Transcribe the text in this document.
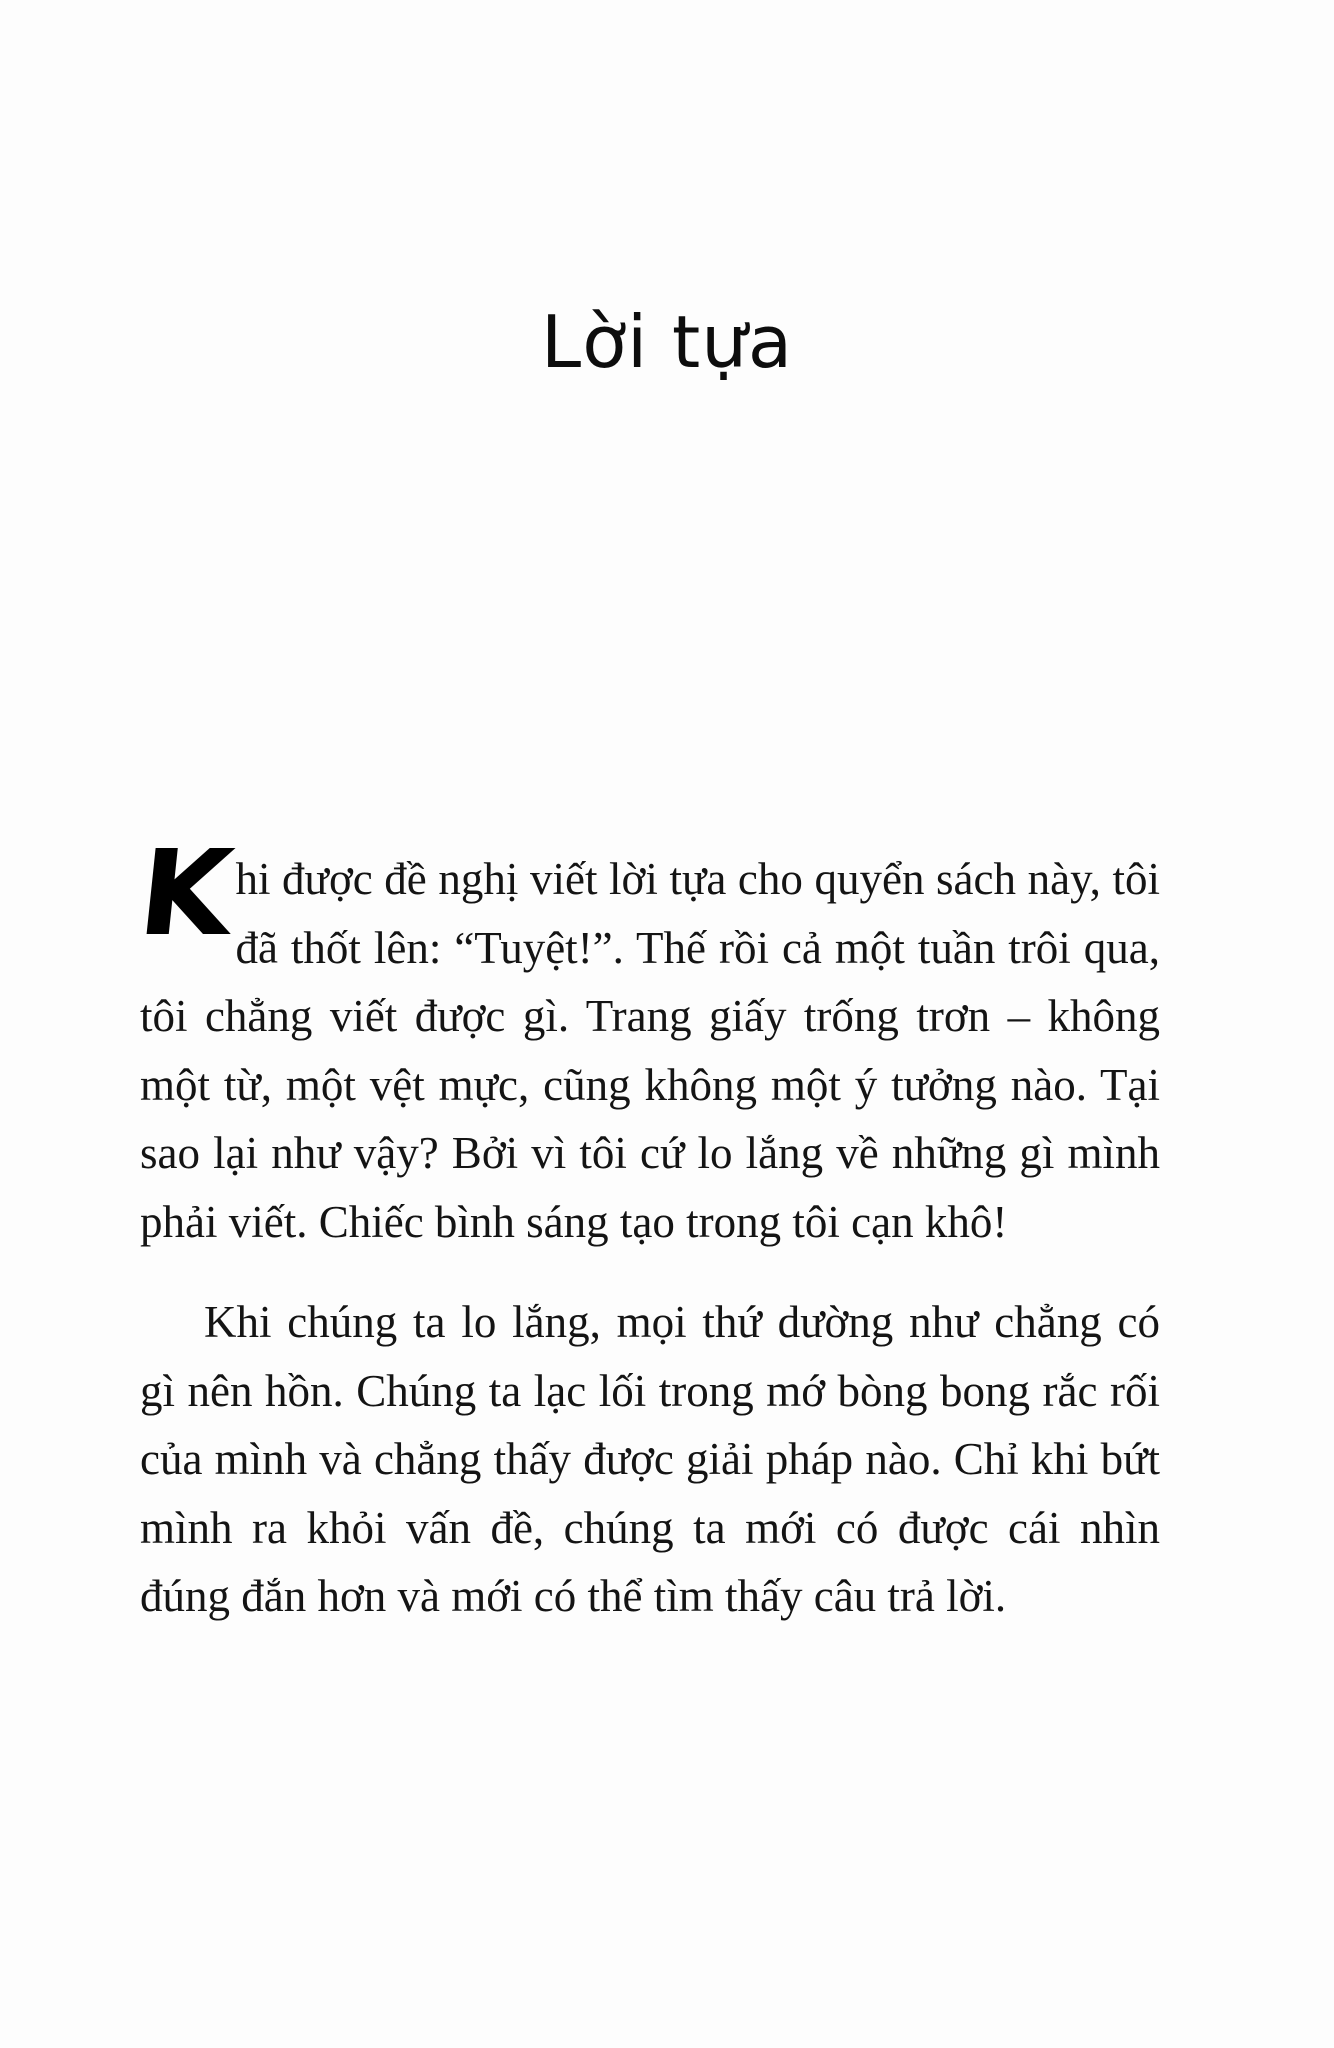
Lời tựa

K
hi được đề nghị viết lời tựa cho quyển sách này, tôi đã thốt lên: “Tuyệt!”. Thế rồi cả một tuần trôi qua, tôi chẳng viết được gì. Trang giấy trống trơn – không một từ, một vệt mực, cũng không một ý tưởng nào. Tại sao lại như vậy? Bởi vì tôi cứ lo lắng về những gì mình phải viết. Chiếc bình sáng tạo trong tôi cạn khô!

Khi chúng ta lo lắng, mọi thứ dường như chẳng có gì nên hồn. Chúng ta lạc lối trong mớ bòng bong rắc rối của mình và chẳng thấy được giải pháp nào. Chỉ khi bứt mình ra khỏi vấn đề, chúng ta mới có được cái nhìn đúng đắn hơn và mới có thể tìm thấy câu trả lời.
